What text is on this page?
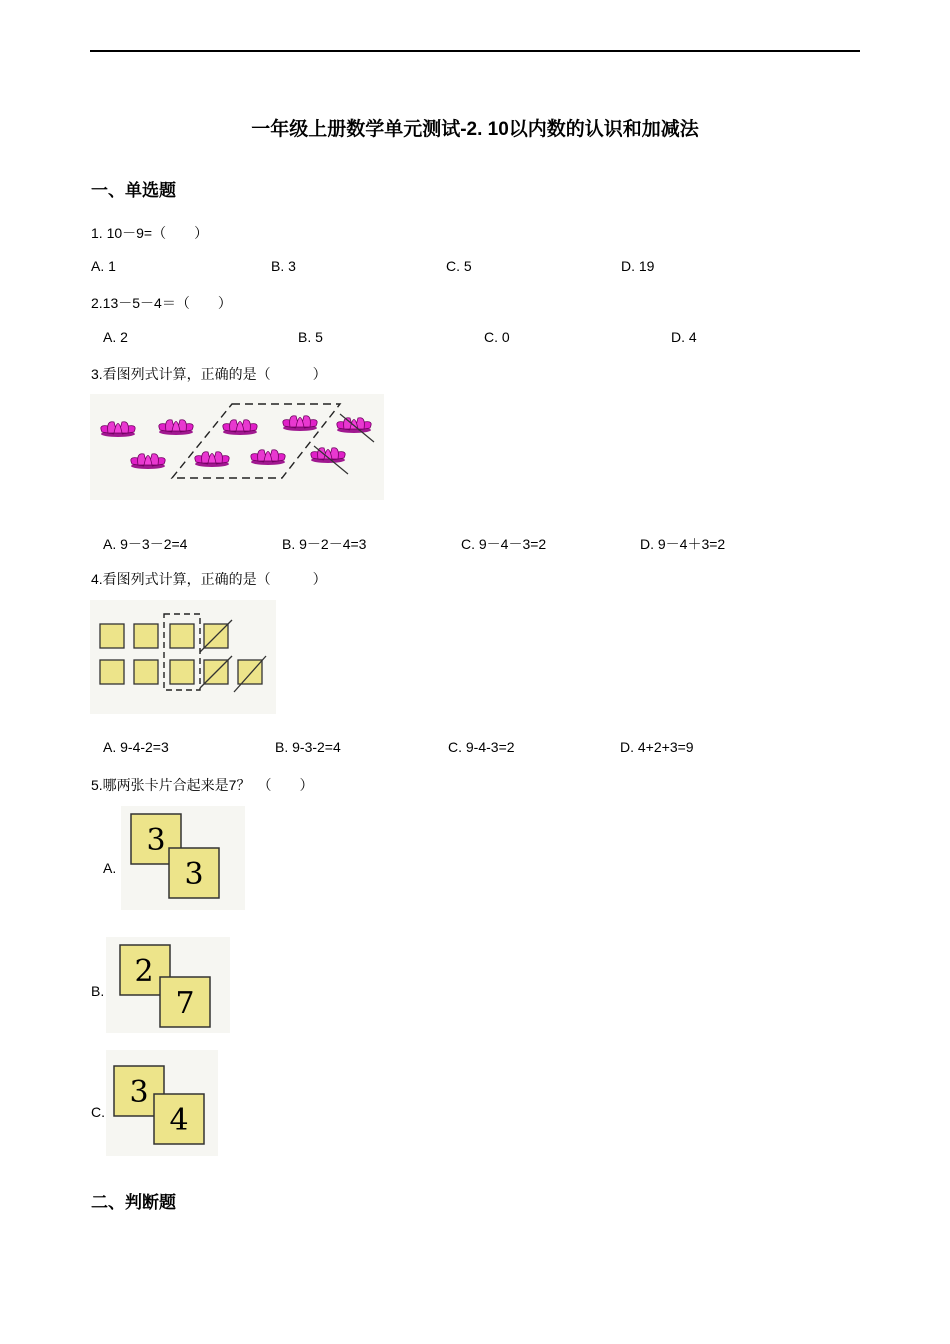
一年级上册数学单元测试-2. 10以内数的认识和加减法
一、单选题
1. 10－9=（　　）
A. 1	B. 3	C. 5	D. 19
2.13－5－4＝（　　）
A. 2	B. 5	C. 0	D. 4
3.看图列式计算，正确的是（　　　）
A. 9－3－2=4	B. 9－2－4=3	C. 9－4－3=2	D. 9－4＋3=2
4.看图列式计算，正确的是（　　　）
A. 9-4-2=3	B. 9-3-2=4	C. 9-4-3=2	D. 4+2+3=9
5.哪两张卡片合起来是7？　（　　）
A.
3
3
B.
2
7
C.
3
4
二、判断题
